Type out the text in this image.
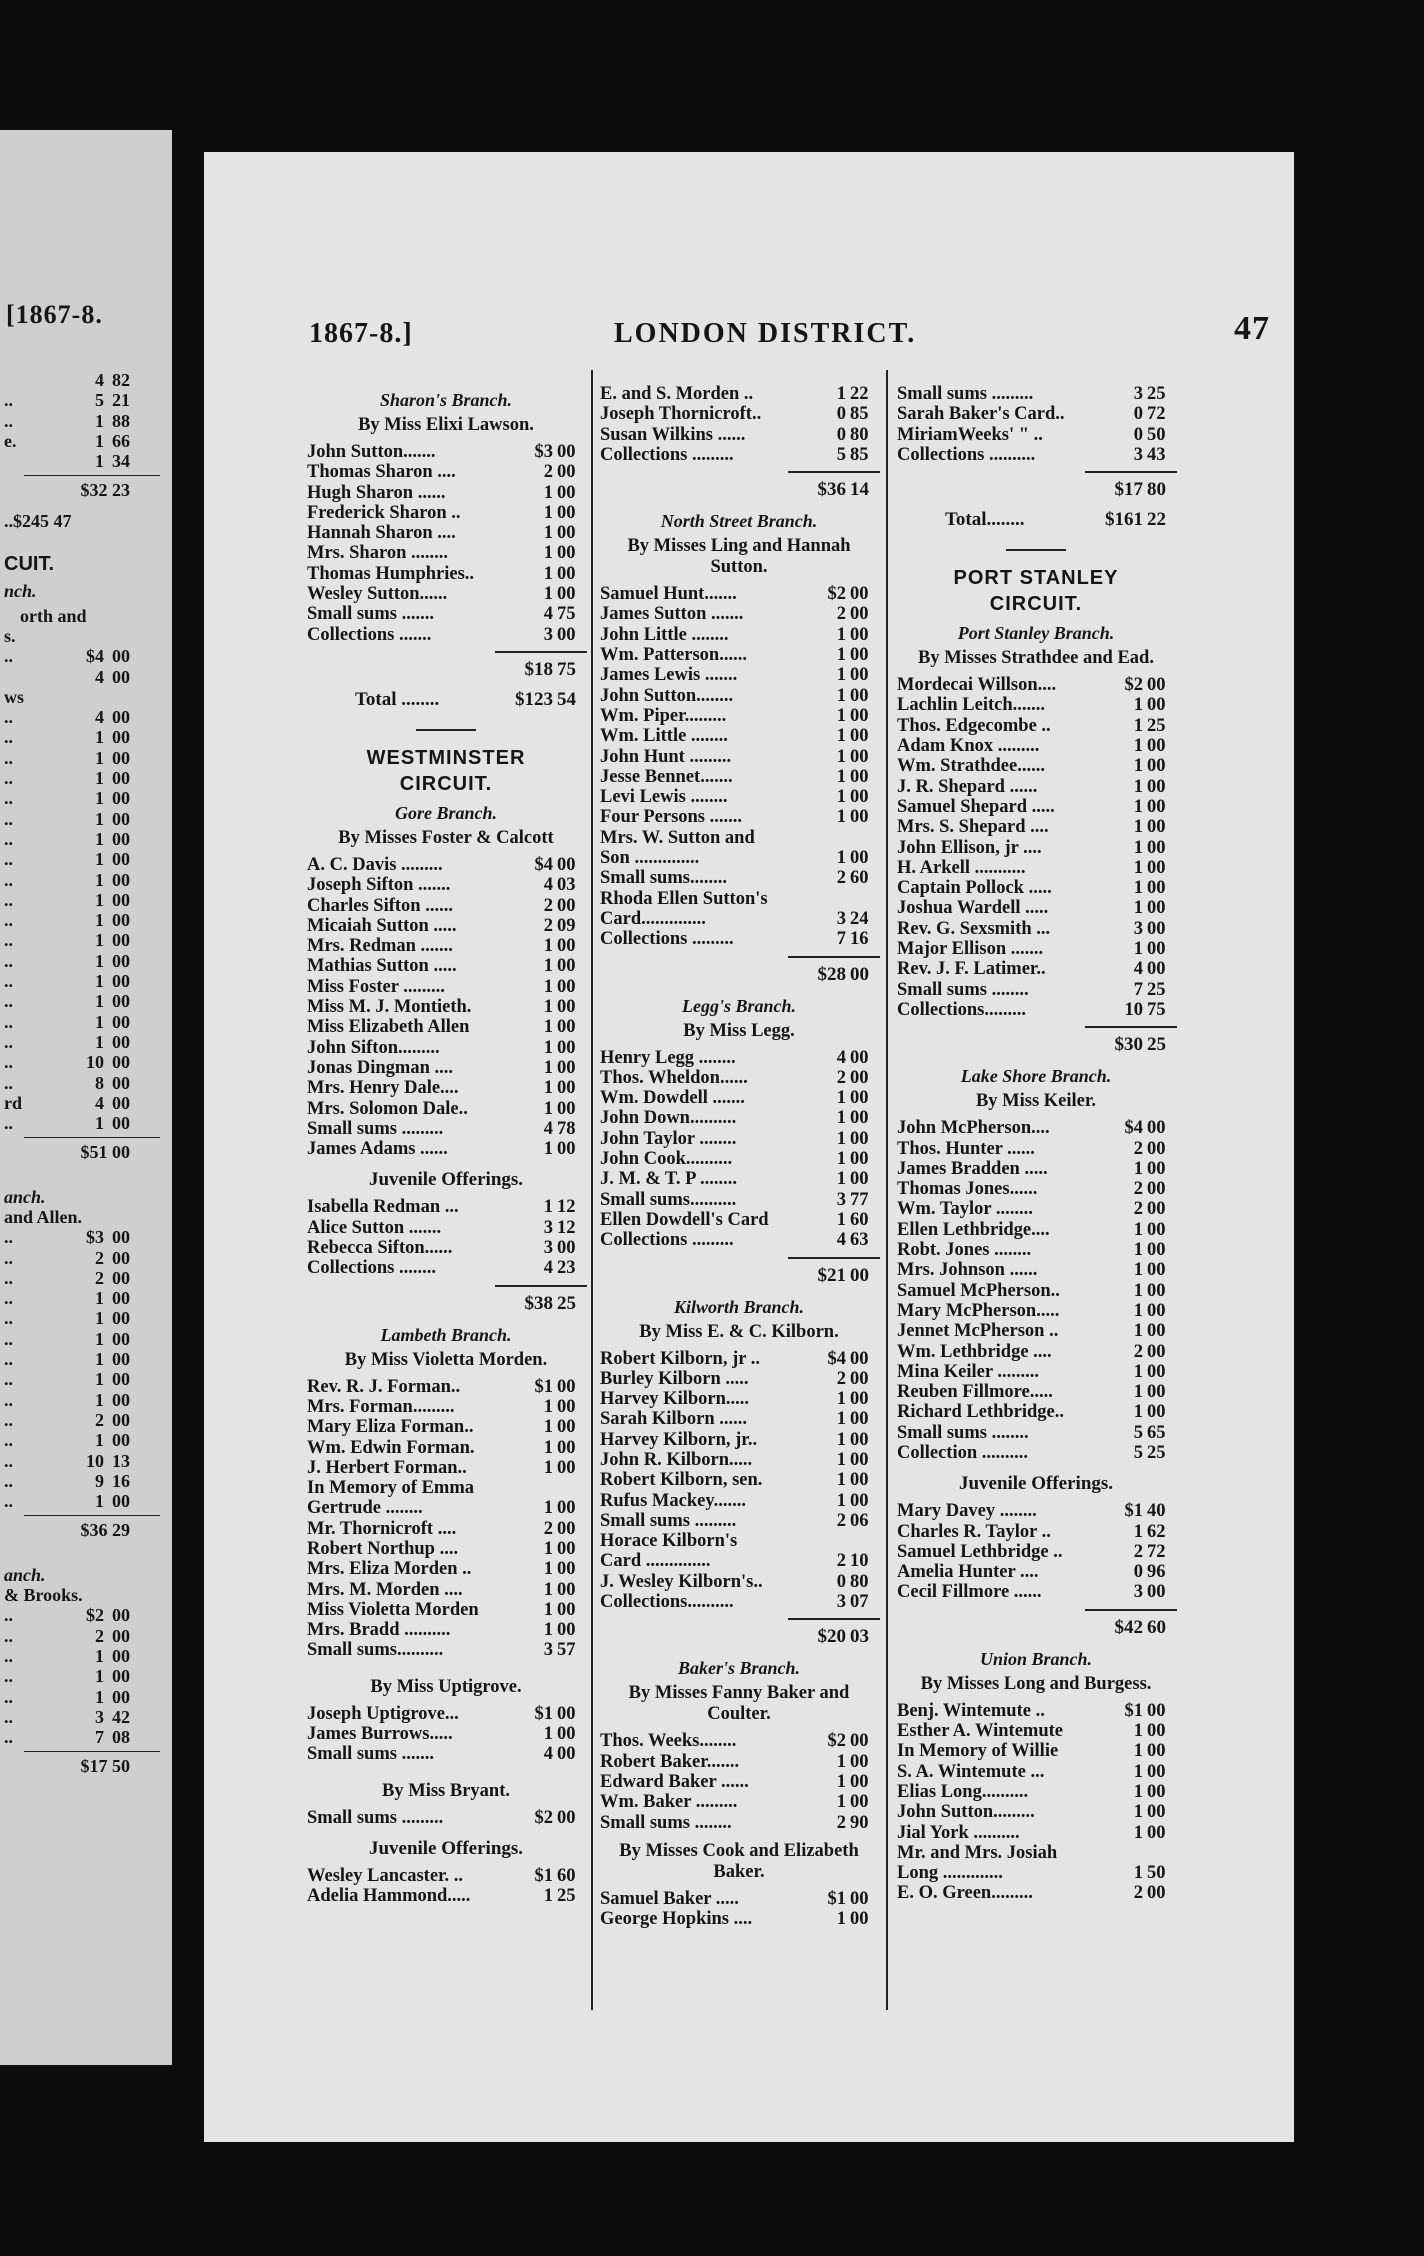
[1867-8.
4 82
..	5 21
..	1 88
e.	1 66
1 34
$32 23
..$245 47
CUIT.
nch.
orth and
s.
..	$4 00
4 00
ws
..	4 00
..	1 00
..	1 00
..	1 00
..	1 00
..	1 00
..	1 00
..	1 00
..	1 00
..	1 00
..	1 00
..	1 00
..	1 00
..	1 00
..	1 00
..	1 00
..	1 00
..	10 00
..	8 00
rd	4 00
..	1 00
$51 00
anch.
and Allen.
..	$3 00
..	2 00
..	2 00
..	1 00
..	1 00
..	1 00
..	1 00
..	1 00
..	1 00
..	2 00
..	1 00
..	10 13
..	9 16
..	1 00
$36 29
anch.
& Brooks.
..	$2 00
..	2 00
..	1 00
..	1 00
..	1 00
..	3 42
..	7 08
$17 50
1867-8.]	LONDON DISTRICT.	47
Sharon's Branch.
By Miss Elixi Lawson.
John Sutton.......	$3 00
Thomas Sharon ....	2 00
Hugh Sharon ......	1 00
Frederick Sharon ..	1 00
Hannah Sharon ....	1 00
Mrs. Sharon ........	1 00
Thomas Humphries..	1 00
Wesley Sutton......	1 00
Small sums .......	4 75
Collections .......	3 00
$18 75
Total ........	$123 54
WESTMINSTER
CIRCUIT.
Gore Branch.
By Misses Foster & Calcott
A. C. Davis .........	$4 00
Joseph Sifton .......	4 03
Charles Sifton ......	2 00
Micaiah Sutton .....	2 09
Mrs. Redman .......	1 00
Mathias Sutton .....	1 00
Miss Foster .........	1 00
Miss M. J. Montieth.	1 00
Miss Elizabeth Allen	1 00
John Sifton.........	1 00
Jonas Dingman ....	1 00
Mrs. Henry Dale....	1 00
Mrs. Solomon Dale..	1 00
Small sums .........	4 78
James Adams ......	1 00
Juvenile Offerings.
Isabella Redman ...	1 12
Alice Sutton .......	3 12
Rebecca Sifton......	3 00
Collections ........	4 23
$38 25
Lambeth Branch.
By Miss Violetta Morden.
Rev. R. J. Forman..	$1 00
Mrs. Forman.........	1 00
Mary Eliza Forman..	1 00
Wm. Edwin Forman.	1 00
J. Herbert Forman..	1 00
In Memory of Emma
Gertrude ........	1 00
Mr. Thornicroft ....	2 00
Robert Northup ....	1 00
Mrs. Eliza Morden ..	1 00
Mrs. M. Morden ....	1 00
Miss Violetta Morden	1 00
Mrs. Bradd ..........	1 00
Small sums..........	3 57
By Miss Uptigrove.
Joseph Uptigrove...	$1 00
James Burrows.....	1 00
Small sums .......	4 00
By Miss Bryant.
Small sums .........	$2 00
Juvenile Offerings.
Wesley Lancaster. ..	$1 60
Adelia Hammond.....	1 25
E. and S. Morden ..	1 22
Joseph Thornicroft..	0 85
Susan Wilkins ......	0 80
Collections .........	5 85
$36 14
North Street Branch.
By Misses Ling and Hannah Sutton.
Samuel Hunt.......	$2 00
James Sutton .......	2 00
John Little ........	1 00
Wm. Patterson......	1 00
James Lewis .......	1 00
John Sutton........	1 00
Wm. Piper.........	1 00
Wm. Little ........	1 00
John Hunt .........	1 00
Jesse Bennet.......	1 00
Levi Lewis ........	1 00
Four Persons .......	1 00
Mrs. W. Sutton and
Son ..............	1 00
Small sums........	2 60
Rhoda Ellen Sutton's
Card..............	3 24
Collections .........	7 16
$28 00
Legg's Branch.
By Miss Legg.
Henry Legg ........	4 00
Thos. Wheldon......	2 00
Wm. Dowdell .......	1 00
John Down..........	1 00
John Taylor ........	1 00
John Cook..........	1 00
J. M. & T. P ........	1 00
Small sums..........	3 77
Ellen Dowdell's Card	1 60
Collections .........	4 63
$21 00
Kilworth Branch.
By Miss E. & C. Kilborn.
Robert Kilborn, jr ..	$4 00
Burley Kilborn .....	2 00
Harvey Kilborn.....	1 00
Sarah Kilborn ......	1 00
Harvey Kilborn, jr..	1 00
John R. Kilborn.....	1 00
Robert Kilborn, sen.	1 00
Rufus Mackey.......	1 00
Small sums .........	2 06
Horace Kilborn's
Card ..............	2 10
J. Wesley Kilborn's..	0 80
Collections..........	3 07
$20 03
Baker's Branch.
By Misses Fanny Baker and Coulter.
Thos. Weeks........	$2 00
Robert Baker.......	1 00
Edward Baker ......	1 00
Wm. Baker .........	1 00
Small sums ........	2 90
By Misses Cook and Elizabeth Baker.
Samuel Baker .....	$1 00
George Hopkins ....	1 00
Small sums .........	3 25
Sarah Baker's Card..	0 72
MiriamWeeks' " ..	0 50
Collections ..........	3 43
$17 80
Total........	$161 22
PORT STANLEY
CIRCUIT.
Port Stanley Branch.
By Misses Strathdee and Ead.
Mordecai Willson....	$2 00
Lachlin Leitch.......	1 00
Thos. Edgecombe ..	1 25
Adam Knox .........	1 00
Wm. Strathdee......	1 00
J. R. Shepard ......	1 00
Samuel Shepard .....	1 00
Mrs. S. Shepard ....	1 00
John Ellison, jr ....	1 00
H. Arkell ...........	1 00
Captain Pollock .....	1 00
Joshua Wardell .....	1 00
Rev. G. Sexsmith ...	3 00
Major Ellison .......	1 00
Rev. J. F. Latimer..	4 00
Small sums ........	7 25
Collections.........	10 75
$30 25
Lake Shore Branch.
By Miss Keiler.
John McPherson....	$4 00
Thos. Hunter ......	2 00
James Bradden .....	1 00
Thomas Jones......	2 00
Wm. Taylor ........	2 00
Ellen Lethbridge....	1 00
Robt. Jones ........	1 00
Mrs. Johnson ......	1 00
Samuel McPherson..	1 00
Mary McPherson.....	1 00
Jennet McPherson ..	1 00
Wm. Lethbridge ....	2 00
Mina Keiler .........	1 00
Reuben Fillmore.....	1 00
Richard Lethbridge..	1 00
Small sums ........	5 65
Collection ..........	5 25
Juvenile Offerings.
Mary Davey ........	$1 40
Charles R. Taylor ..	1 62
Samuel Lethbridge ..	2 72
Amelia Hunter ....	0 96
Cecil Fillmore ......	3 00
$42 60
Union Branch.
By Misses Long and Burgess.
Benj. Wintemute ..	$1 00
Esther A. Wintemute	1 00
In Memory of Willie	1 00
S. A. Wintemute ...	1 00
Elias Long..........	1 00
John Sutton.........	1 00
Jial York ..........	1 00
Mr. and Mrs. Josiah
Long .............	1 50
E. O. Green.........	2 00
